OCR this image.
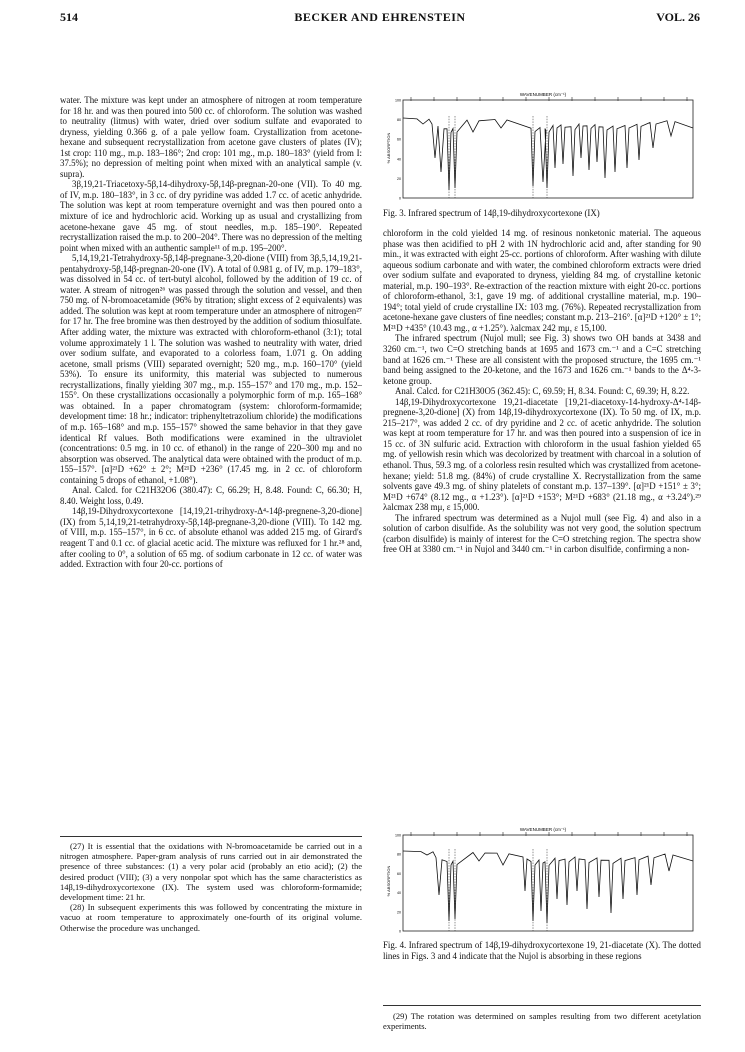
514	BECKER AND EHRENSTEIN	VOL. 26

water. The mixture was kept under an atmosphere of nitrogen at room temperature for 18 hr. and was then poured into 500 cc. of chloroform. The solution was washed to neutrality (litmus) with water, dried over sodium sulfate and evaporated to dryness, yielding 0.366 g. of a pale yellow foam. Crystallization from acetone-hexane and subsequent recrystallization from acetone gave clusters of plates (IV); 1st crop: 110 mg., m.p. 183–186°; 2nd crop: 101 mg., m.p. 180–183° (yield from I: 37.5%); no depression of melting point when mixed with an analytical sample (v. supra).

3β,19,21-Triacetoxy-5β,14-dihydroxy-5β,14β-pregnan-20-one (VII). To 40 mg. of IV, m.p. 180–183°, in 3 cc. of dry pyridine was added 1.7 cc. of acetic anhydride. The solution was kept at room temperature overnight and was then poured onto a mixture of ice and hydrochloric acid. Working up as usual and crystallizing from acetone-hexane gave 45 mg. of stout needles, m.p. 185–190°. Repeated recrystallization raised the m.p. to 200–204°. There was no depression of the melting point when mixed with an authentic sample¹¹ of m.p. 195–200°.

5,14,19,21-Tetrahydroxy-5β,14β-pregnane-3,20-dione (VIII) from 3β,5,14,19,21-pentahydroxy-5β,14β-pregnan-20-one (IV). A total of 0.981 g. of IV, m.p. 179–183°, was dissolved in 54 cc. of tert-butyl alcohol, followed by the addition of 19 cc. of water. A stream of nitrogen²⁶ was passed through the solution and vessel, and then 750 mg. of N-bromoacetamide (96% by titration; slight excess of 2 equivalents) was added. The solution was kept at room temperature under an atmosphere of nitrogen²⁷ for 17 hr. The free bromine was then destroyed by the addition of sodium thiosulfate. After adding water, the mixture was extracted with chloroform-ethanol (3:1); total volume approximately 1 l. The solution was washed to neutrality with water, dried over sodium sulfate, and evaporated to a colorless foam, 1.071 g. On adding acetone, small prisms (VIII) separated overnight; 520 mg., m.p. 160–170° (yield 53%). To ensure its uniformity, this material was subjected to numerous recrystallizations, finally yielding 307 mg., m.p. 155–157° and 170 mg., m.p. 152–155°. On these crystallizations occasionally a polymorphic form of m.p. 165–168° was obtained. In a paper chromatogram (system: chloroform-formamide; development time: 18 hr.; indicator: triphenyltetrazolium chloride) the modifications of m.p. 165–168° and m.p. 155–157° showed the same behavior in that they gave identical Rf values. Both modifications were examined in the ultraviolet (concentrations: 0.5 mg. in 10 cc. of ethanol) in the range of 220–300 mμ and no absorption was observed. The analytical data were obtained with the product of m.p. 155–157°. [α]²¹D +62° ± 2°; M²¹D +236° (17.45 mg. in 2 cc. of chloroform containing 5 drops of ethanol, +1.08°).

Anal. Calcd. for C21H32O6 (380.47): C, 66.29; H, 8.48. Found: C, 66.30; H, 8.40. Weight loss, 0.49.

14β,19-Dihydroxycortexone [14,19,21-trihydroxy-Δ⁴-14β-pregnene-3,20-dione] (IX) from 5,14,19,21-tetrahydroxy-5β,14β-pregnane-3,20-dione (VIII). To 142 mg. of VIII, m.p. 155–157°, in 6 cc. of absolute ethanol was added 215 mg. of Girard's reagent T and 0.1 cc. of glacial acetic acid. The mixture was refluxed for 1 hr.²⁸ and, after cooling to 0°, a solution of 65 mg. of sodium carbonate in 12 cc. of water was added. Extraction with four 20-cc. portions of

(27) It is essential that the oxidations with N-bromoacetamide be carried out in a nitrogen atmosphere. Paper-gram analysis of runs carried out in air demonstrated the presence of three substances: (1) a very polar acid (probably an etio acid); (2) the desired product (VIII); (3) a very nonpolar spot which has the same characteristics as 14β,19-dihydroxycortexone (IX). The system used was chloroform-formamide; development time: 21 hr.

(28) In subsequent experiments this was followed by concentrating the mixture in vacuo at room temperature to approximately one-fourth of its original volume. Otherwise the procedure was unchanged.

WAVENUMBER (cm⁻¹)
% ABSORPTION
100
80
60
40
20
0
Fig. 3. Infrared spectrum of 14β,19-dihydroxycortexone (IX)

chloroform in the cold yielded 14 mg. of resinous nonketonic material. The aqueous phase was then acidified to pH 2 with 1N hydrochloric acid and, after standing for 90 min., it was extracted with eight 25-cc. portions of chloroform. After washing with dilute aqueous sodium carbonate and with water, the combined chloroform extracts were dried over sodium sulfate and evaporated to dryness, yielding 84 mg. of crystalline ketonic material, m.p. 190–193°. Re-extraction of the reaction mixture with eight 20-cc. portions of chloroform-ethanol, 3:1, gave 19 mg. of additional crystalline material, m.p. 190–194°; total yield of crude crystalline IX: 103 mg. (76%). Repeated recrystallization from acetone-hexane gave clusters of fine needles; constant m.p. 213–216°. [α]²¹D +120° ± 1°; M²¹D +435° (10.43 mg., α +1.25°). λalcmax 242 mμ, ε 15,100.

The infrared spectrum (Nujol mull; see Fig. 3) shows two OH bands at 3438 and 3260 cm.⁻¹, two C=O stretching bands at 1695 and 1673 cm.⁻¹ and a C=C stretching band at 1626 cm.⁻¹ These are all consistent with the proposed structure, the 1695 cm.⁻¹ band being assigned to the 20-ketone, and the 1673 and 1626 cm.⁻¹ bands to the Δ⁴-3-ketone group.

Anal. Calcd. for C21H30O5 (362.45): C, 69.59; H, 8.34. Found: C, 69.39; H, 8.22.

14β,19-Dihydroxycortexone 19,21-diacetate [19,21-diacetoxy-14-hydroxy-Δ⁴-14β-pregnene-3,20-dione] (X) from 14β,19-dihydroxycortexone (IX). To 50 mg. of IX, m.p. 215–217°, was added 2 cc. of dry pyridine and 2 cc. of acetic anhydride. The solution was kept at room temperature for 17 hr. and was then poured into a suspension of ice in 15 cc. of 3N sulfuric acid. Extraction with chloroform in the usual fashion yielded 65 mg. of yellowish resin which was decolorized by treatment with charcoal in a solution of ethanol. Thus, 59.3 mg. of a colorless resin resulted which was crystallized from acetone-hexane; yield: 51.8 mg. (84%) of crude crystalline X. Recrystallization from the same solvents gave 49.3 mg. of shiny platelets of constant m.p. 137–139°. [α]²¹D +151° ± 3°; M²¹D +674° (8.12 mg., α +1.23°). [α]²¹D +153°; M²¹D +683° (21.18 mg., α +3.24°).²⁹ λalcmax 238 mμ, ε 15,000.

The infrared spectrum was determined as a Nujol mull (see Fig. 4) and also in a solution of carbon disulfide. As the solubility was not very good, the solution spectrum (carbon disulfide) is mainly of interest for the C=O stretching region. The spectra show free OH at 3380 cm.⁻¹ in Nujol and 3440 cm.⁻¹ in carbon disulfide, confirming a non-

WAVENUMBER (cm⁻¹)
% ABSORPTION
100
80
60
40
20
0
Fig. 4. Infrared spectrum of 14β,19-dihydroxycortexone 19, 21-diacetate (X). The dotted lines in Figs. 3 and 4 indicate that the Nujol is absorbing in these regions

(29) The rotation was determined on samples resulting from two different acetylation experiments.
